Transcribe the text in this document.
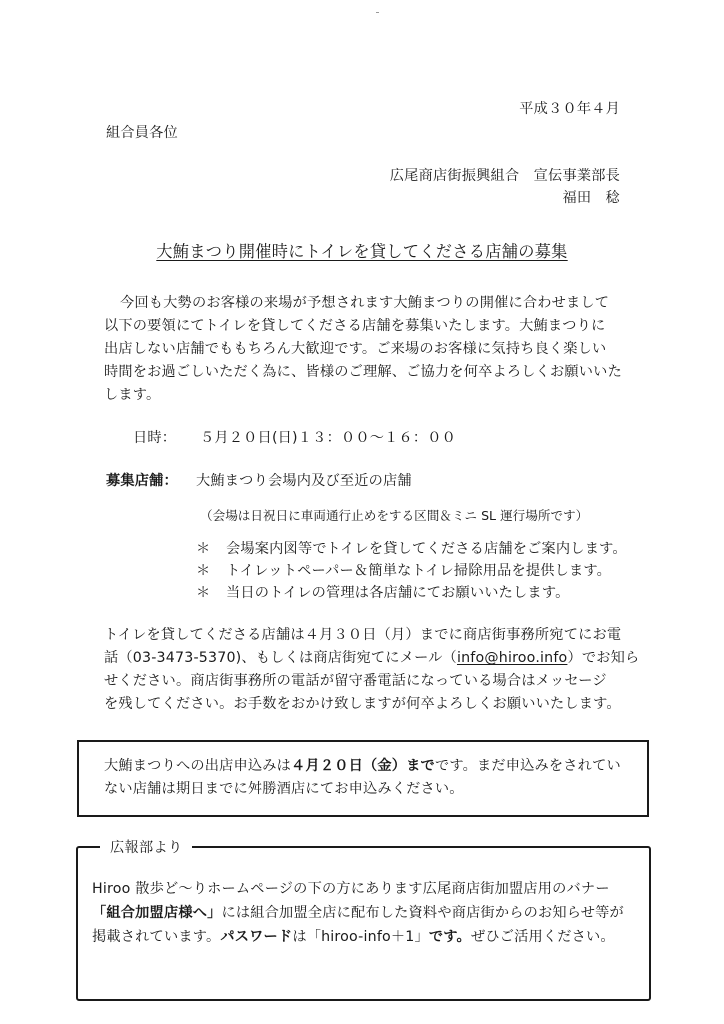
平成３０年４月
組合員各位
広尾商店街振興組合　宣伝事業部長
福田　稔
大鮪まつり開催時にトイレを貸してくださる店舗の募集
今回も大勢のお客様の来場が予想されます大鮪まつりの開催に合わせまして
以下の要領にてトイレを貸してくださる店舗を募集いたします。大鮪まつりに
出店しない店舗でももちろん大歓迎です。ご来場のお客様に気持ち良く楽しい
時間をお過ごしいただく為に、皆様のご理解、ご協力を何卒よろしくお願いいた
します。
日時： ５月２０日(日)１３：００～１６：００
募集店舗： 大鮪まつり会場内及び至近の店舗
（会場は日祝日に車両通行止めをする区間＆ミニ SL 運行場所です）
＊ 会場案内図等でトイレを貸してくださる店舗をご案内します。
＊ トイレットペーパー＆簡単なトイレ掃除用品を提供します。
＊ 当日のトイレの管理は各店舗にてお願いいたします。
トイレを貸してくださる店舗は４月３０日（月）までに商店街事務所宛てにお電
話（03-3473-5370)、もしくは商店街宛てにメール（info@hiroo.info）でお知ら
せください。商店街事務所の電話が留守番電話になっている場合はメッセージ
を残してください。お手数をおかけ致しますが何卒よろしくお願いいたします。
大鮪まつりへの出店申込みは４月２０日（金）までです。まだ申込みをされてい
ない店舗は期日までに舛勝酒店にてお申込みください。
広報部より
Hiroo 散歩ど～りホームページの下の方にあります広尾商店街加盟店用のバナー
「組合加盟店様へ」には組合加盟全店に配布した資料や商店街からのお知らせ等が
掲載されています。パスワードは「hiroo-info＋1」です。ぜひご活用ください。
